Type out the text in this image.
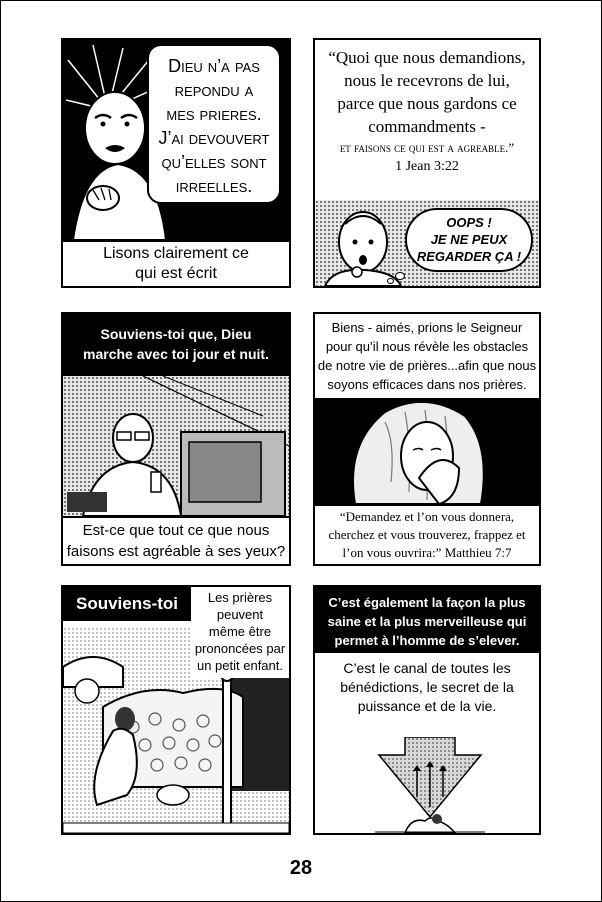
Dieu n’a pas
repondu a
mes prieres.
J’ai devouvert
qu’elles sont
irreelles.
Lisons clairement ce
qui est écrit
“Quoi que nous demandions,
nous le recevrons de lui,
parce que nous gardons ce
commandments -
et faisons ce qui est a agreable.”
1 Jean 3:22
OOPS !
JE NE PEUX
REGARDER ÇA !
Souviens-toi que, Dieu
marche avec toi jour et nuit.
Est-ce que tout ce que nous
faisons est agréable à ses yeux?
Biens - aimés, prions le Seigneur
pour qu’il nous révèle les obstacles
de notre vie de prières...afin que nous
soyons efficaces dans nos prières.
“Demandez et l’on vous donnera,
cherchez et vous trouverez, frappez et
l’on vous ouvrira:” Matthieu 7:7
Souviens-toi	Les prières
peuvent
même être
prononcées par
un petit enfant.
C’est également la façon la plus
saine et la plus merveilleuse qui
permet à l’homme de s’elever.
C’est le canal de toutes les
bénédictions, le secret de la
puissance et de la vie.
28
